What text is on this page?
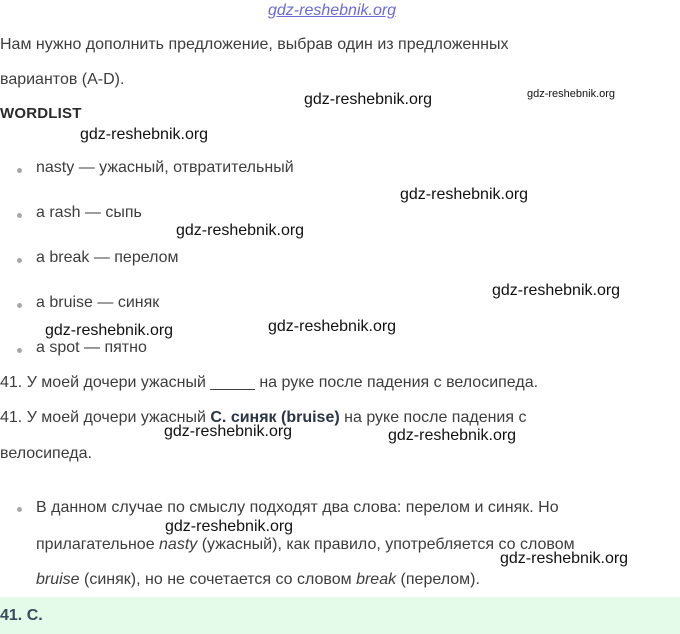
gdz-reshebnik.org
Нам нужно дополнить предложение, выбрав один из предложенных
вариантов (A-D).
WORDLIST
nasty — ужасный, отвратительный
a rash — сыпь
a break — перелом
a bruise — синяк
a spot — пятно
41. У моей дочери ужасный _____ на руке после падения с велосипеда.
41. У моей дочери ужасный C. синяк (bruise) на руке после падения с
велосипеда.
В данном случае по смыслу подходят два слова: перелом и синяк. Но
прилагательное nasty (ужасный), как правило, употребляется со словом
bruise (синяк), но не сочетается со словом break (перелом).
41. C.
gdz-reshebnik.org	gdz-reshebnik.org
gdz-reshebnik.org
gdz-reshebnik.org
gdz-reshebnik.org
gdz-reshebnik.org
gdz-reshebnik.org	gdz-reshebnik.org
gdz-reshebnik.org	gdz-reshebnik.org
gdz-reshebnik.org
gdz-reshebnik.org
